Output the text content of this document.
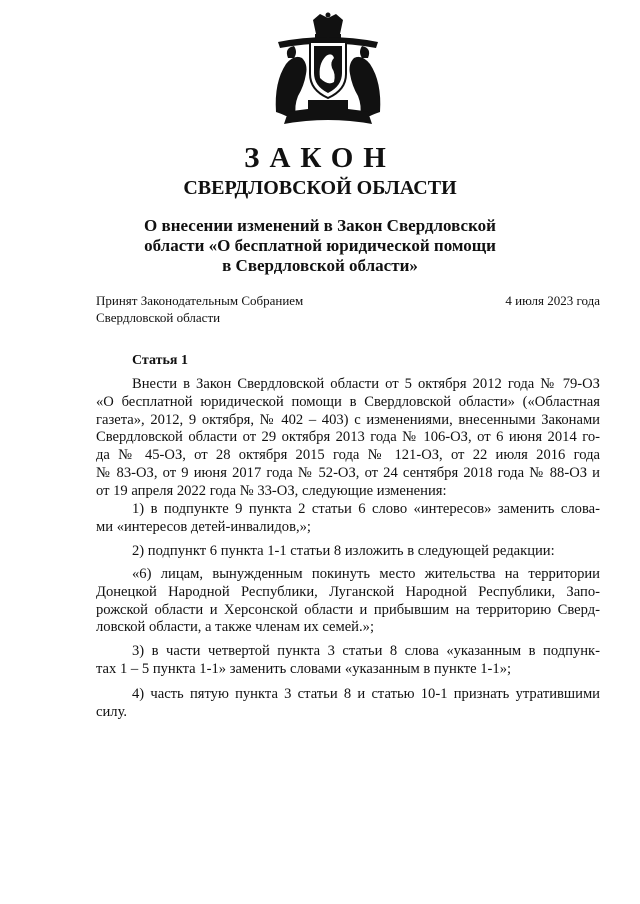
ЗАКОН
СВЕРДЛОВСКОЙ ОБЛАСТИ
О внесении изменений в Закон Свердловской
области «О бесплатной юридической помощи
в Свердловской области»
Принят Законодательным Собранием
Свердловской области
4 июля 2023 года
Статья 1
Внести в Закон Свердловской области от 5 октября 2012 года № 79-ОЗ
«О бесплатной юридической помощи в Свердловской области» («Областная
газета», 2012, 9 октября, № 402 – 403) с изменениями, внесенными Законами
Свердловской области от 29 октября 2013 года № 106-ОЗ, от 6 июня 2014 го-
да № 45-ОЗ, от 28 октября 2015 года № 121-ОЗ, от 22 июля 2016 года
№ 83-ОЗ, от 9 июня 2017 года № 52-ОЗ, от 24 сентября 2018 года № 88-ОЗ и
от 19 апреля 2022 года № 33-ОЗ, следующие изменения:
1) в подпункте 9 пункта 2 статьи 6 слово «интересов» заменить слова-
ми «интересов детей-инвалидов,»;
2) подпункт 6 пункта 1-1 статьи 8 изложить в следующей редакции:
«6) лицам, вынужденным покинуть место жительства на территории
Донецкой Народной Республики, Луганской Народной Республики, Запо-
рожской области и Херсонской области и прибывшим на территорию Сверд-
ловской области, а также членам их семей.»;
3) в части четвертой пункта 3 статьи 8 слова «указанным в подпунк-
тах 1 – 5 пункта 1-1» заменить словами «указанным в пункте 1-1»;
4) часть пятую пункта 3 статьи 8 и статью 10-1 признать утратившими
силу.
